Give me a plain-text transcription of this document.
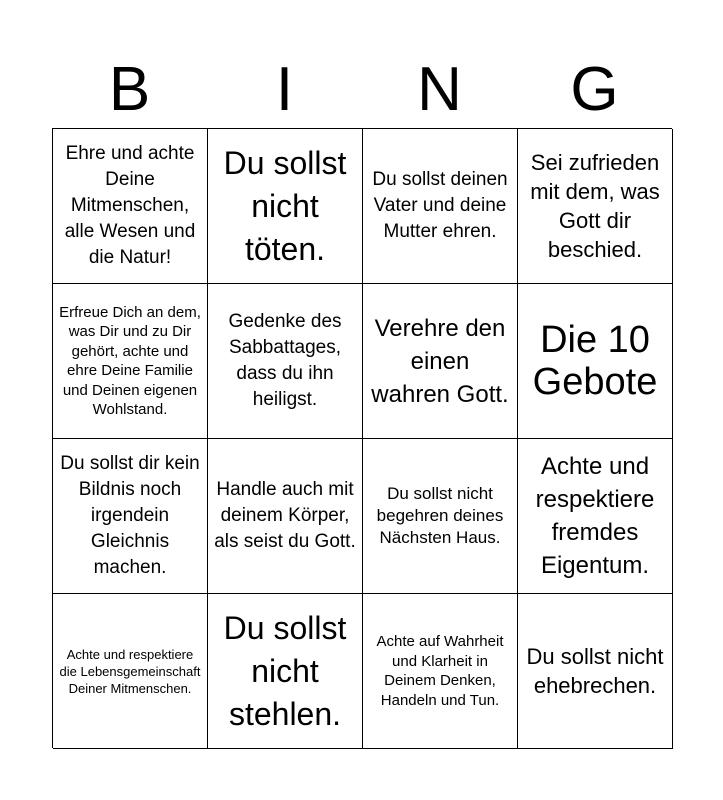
B	I	N	G
Ehre und achte Deine Mitmenschen, alle Wesen und die Natur!
Du sollst nicht töten.
Du sollst deinen Vater und deine Mutter ehren.
Sei zufrieden mit dem, was Gott dir beschied.
Erfreue Dich an dem, was Dir und zu Dir gehört, achte und ehre Deine Familie und Deinen eigenen Wohlstand.
Gedenke des Sabbattages, dass du ihn heiligst.
Verehre den einen wahren Gott.
Die 10 Gebote
Du sollst dir kein Bildnis noch irgendein Gleichnis machen.
Handle auch mit deinem Körper, als seist du Gott.
Du sollst nicht begehren deines Nächsten Haus.
Achte und respektiere fremdes Eigentum.
Achte und respektiere die Lebensgemeinschaft Deiner Mitmenschen.
Du sollst nicht stehlen.
Achte auf Wahrheit und Klarheit in Deinem Denken, Handeln und Tun.
Du sollst nicht ehebrechen.
